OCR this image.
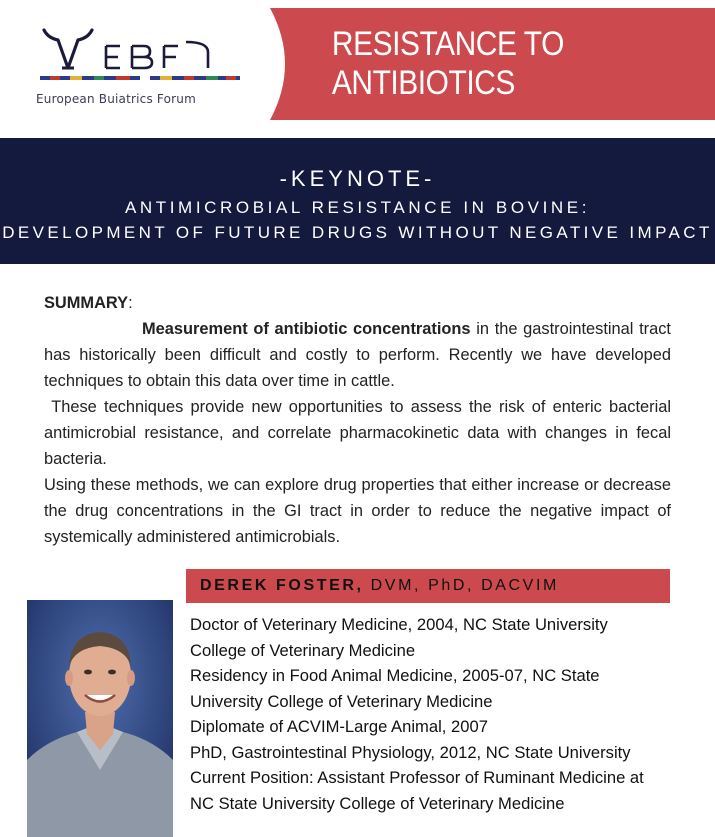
European Buiatrics Forum
RESISTANCE TO ANTIBIOTICS
-KEYNOTE-
ANTIMICROBIAL RESISTANCE IN BOVINE:
DEVELOPMENT OF FUTURE DRUGS WITHOUT NEGATIVE IMPACT

SUMMARY:

Measurement of antibiotic concentrations in the gastrointestinal tract has historically been difficult and costly to perform. Recently we have developed techniques to obtain this data over time in cattle.

These techniques provide new opportunities to assess the risk of enteric bacterial antimicrobial resistance, and correlate pharmacokinetic data with changes in fecal bacteria.

Using these methods, we can explore drug properties that either increase or decrease the drug concentrations in the GI tract in order to reduce the negative impact of systemically administered antimicrobials.

DEREK FOSTER, DVM, PhD, DACVIM
Doctor of Veterinary Medicine, 2004, NC State University
College of Veterinary Medicine
Residency in Food Animal Medicine, 2005-07, NC State
University College of Veterinary Medicine
Diplomate of ACVIM-Large Animal, 2007
PhD, Gastrointestinal Physiology, 2012, NC State University
Current Position: Assistant Professor of Ruminant Medicine at
NC State University College of Veterinary Medicine
